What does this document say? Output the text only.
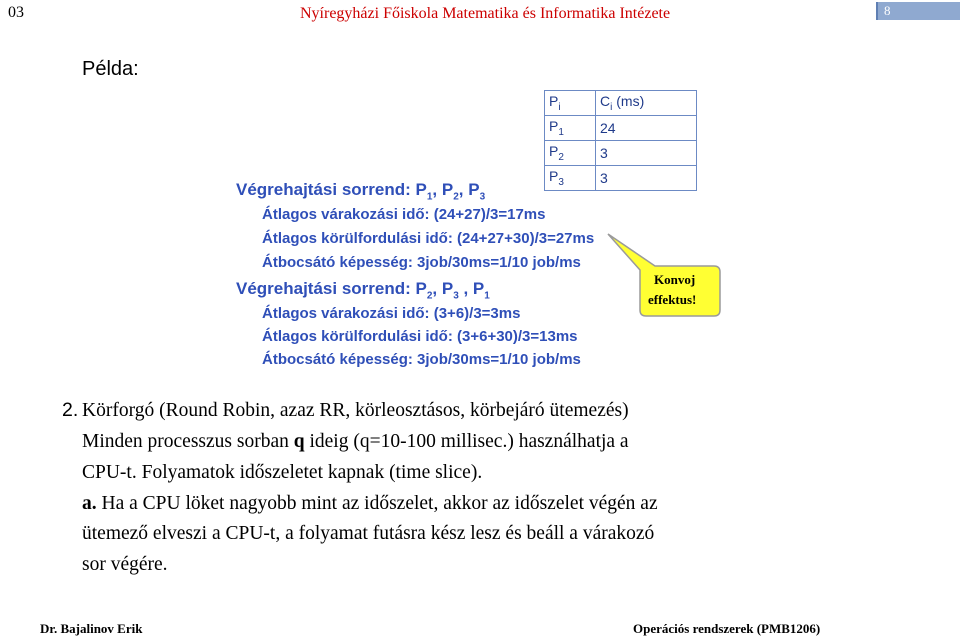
03	Nyíregyházi Főiskola Matematika és Informatika Intézete	8
Példa:
$P_i$	$C_i$ (ms)
$P_1$	24
$P_2$	3
$P_3$	3
Végrehajtási sorrend: $P_1$, $P_2$, $P_3$
Átlagos várakozási idő: (24+27)/3=17ms
Átlagos körülfordulási idő: (24+27+30)/3=27ms
Átbocsátó képesség: 3job/30ms=1/10 job/ms
Végrehajtási sorrend: $P_2$, $P_3$ , $P_1$
Átlagos várakozási idő: (3+6)/3=3ms
Átlagos körülfordulási idő: (3+6+30)/3=13ms
Átbocsátó képesség: 3job/30ms=1/10 job/ms
Konvoj
effektus!
2. Körforgó (Round Robin, azaz RR, körleosztásos, körbejáró ütemezés)
Minden processzus sorban q ideig (q=10-100 millisec.) használhatja a
CPU-t. Folyamatok időszeletet kapnak (time slice).
a. Ha a CPU löket nagyobb mint az időszelet, akkor az időszelet végén az
ütemező elveszi a CPU-t, a folyamat futásra kész lesz és beáll a várakozó
sor végére.
Dr. Bajalinov Erik	Operációs rendszerek (PMB1206)
